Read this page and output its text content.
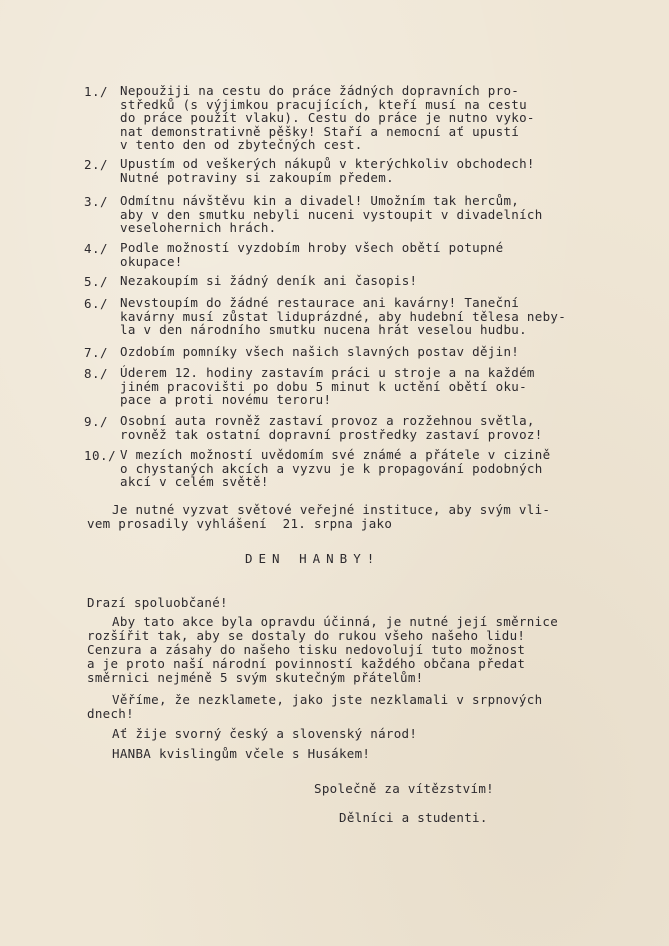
1./ Nepoužiji na cestu do práce žádných dopravních pro-
středků (s výjimkou pracujících, kteří musí na cestu
do práce použít vlaku). Cestu do práce je nutno vyko-
nat demonstrativně pěšky! Staří a nemocní ať upustí
v tento den od zbytečných cest.
2./ Upustím od veškerých nákupů v kterýchkoliv obchodech!
Nutné potraviny si zakoupím předem.
3./ Odmítnu návštěvu kin a divadel! Umožním tak hercům,
aby v den smutku nebyli nuceni vystoupit v divadelních
veselohernich hrách.
4./ Podle možností vyzdobím hroby všech obětí potupné
okupace!
5./ Nezakoupím si žádný deník ani časopis!
6./ Nevstoupím do žádné restaurace ani kavárny! Taneční
kavárny musí zůstat liduprázdné, aby hudební tělesa neby-
la v den národního smutku nucena hrát veselou hudbu.
7./ Ozdobím pomníky všech našich slavných postav dějin!
8./ Úderem 12. hodiny zastavím práci u stroje a na každém
jiném pracovišti po dobu 5 minut k uctění obětí oku-
pace a proti novému teroru!
9./ Osobní auta rovněž zastaví provoz a rozžehnou světla,
rovněž tak ostatní dopravní prostředky zastaví provoz!
10./ V mezích možností uvědomím své známé a přátele v cizině
o chystaných akcích a vyzvu je k propagování podobných
akcí v celém světě!
Je nutné vyzvat světové veřejné instituce, aby svým vli-
vem prosadily vyhlášení  21. srpna jako
DEN HANBY!
Drazí spoluobčané!
Aby tato akce byla opravdu účinná, je nutné její směrnice
rozšířit tak, aby se dostaly do rukou všeho našeho lidu!
Cenzura a zásahy do našeho tisku nedovolují tuto možnost
a je proto naší národní povinností každého občana předat
směrnici nejméně 5 svým skutečným přátelům!
Věříme, že nezklamete, jako jste nezklamali v srpnových
dnech!
Ať žije svorný český a slovenský národ!
HANBA kvislingům včele s Husákem!
Společně za vítězstvím!
Dělníci a studenti.
